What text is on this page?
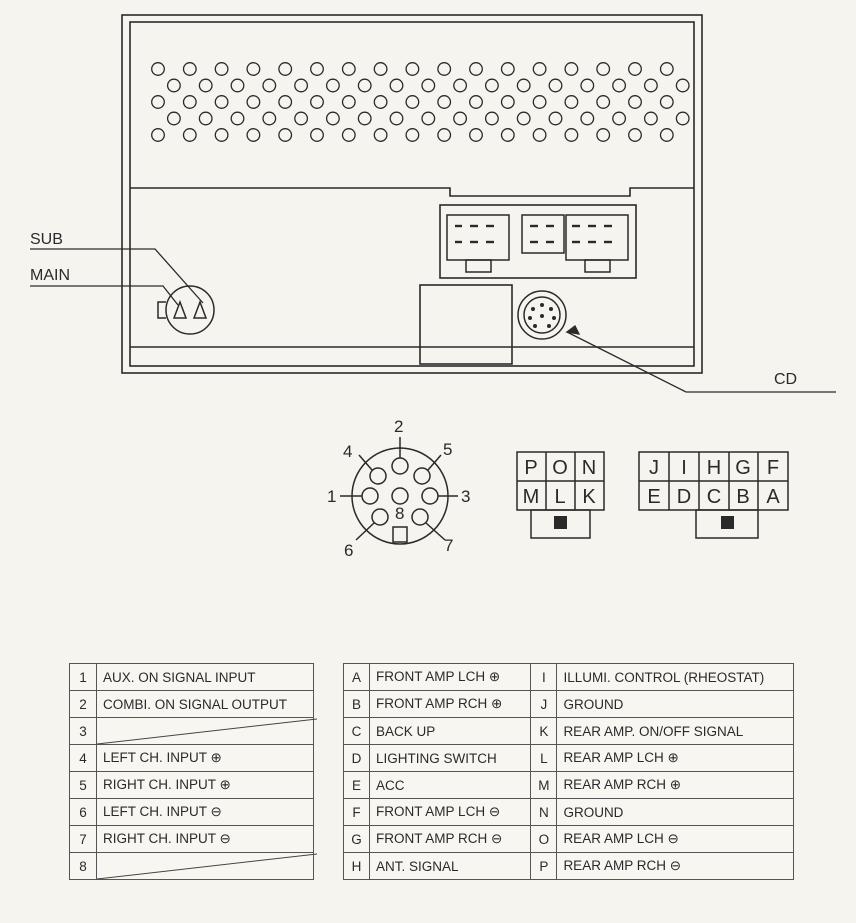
SUB
MAIN
CD
1
2
3
4	5
6	7
8
P O N
M L K
J I H G F
E D C B A
1	AUX. ON SIGNAL INPUT
2	COMBI. ON SIGNAL OUTPUT
3	

4	LEFT CH. INPUT ⊕
5	RIGHT CH. INPUT ⊕
6	LEFT CH. INPUT ⊖
7	RIGHT CH. INPUT ⊖
8	
A	FRONT AMP LCH ⊕	I	ILLUMI. CONTROL (RHEOSTAT)
B	FRONT AMP RCH ⊕	J	GROUND
C	BACK UP	K	REAR AMP. ON/OFF SIGNAL
D	LIGHTING SWITCH	L	REAR AMP LCH ⊕
E	ACC	M	REAR AMP RCH ⊕
F	FRONT AMP LCH ⊖	N	GROUND
G	FRONT AMP RCH ⊖	O	REAR AMP LCH ⊖
H	ANT. SIGNAL	P	REAR AMP RCH ⊖
